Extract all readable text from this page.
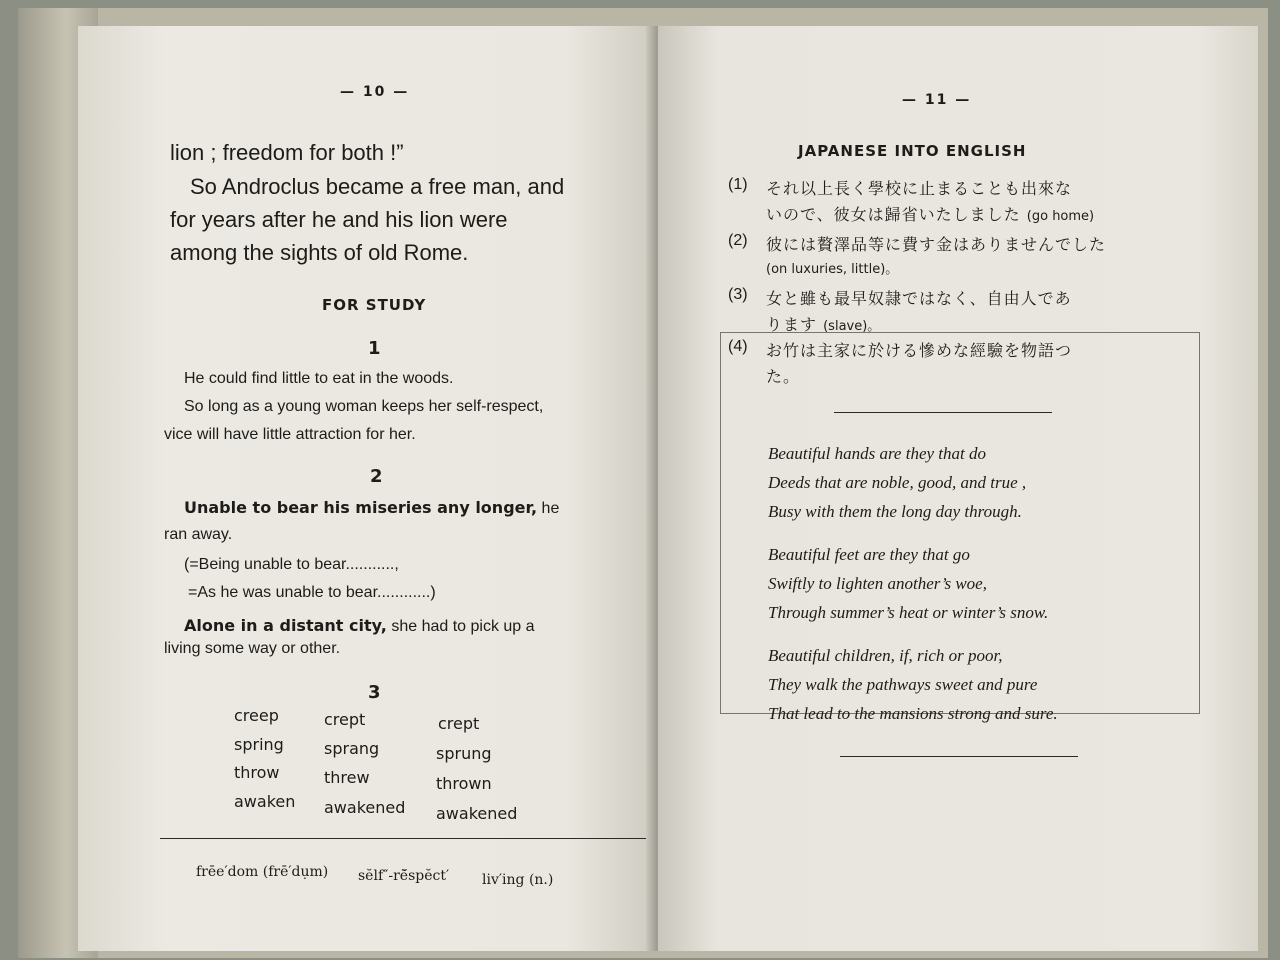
— 10 —

lion ; freedom for both !”

So Androclus became a free man, and

for years after he and his lion were

among the sights of old Rome.

FOR STUDY

1

He could find little to eat in the woods.

So long as a young woman keeps her self-respect,

vice will have little attraction for her.

2

Unable to bear his miseries any longer, he

ran away.

(=Being unable to bear...........,

=As he was unable to bear............)

Alone in a distant city, she had to pick up a

living some way or other.

3

creep

spring

throw

awaken

crept

sprang

threw

awakened

crept

sprung

thrown

awakened

frēe′dom (frē′dụm) sĕlf″-rē̆spĕct′ liv′ing (n.)

— 11 —

JAPANESE INTO ENGLISH

(1) それ以上長く學校に止まることも出來な

いので、彼女は歸省いたしました (go home)

(2) 彼には贅澤品等に費す金はありませんでした

(on luxuries, little)。

(3) 女と雖も最早奴隷ではなく、自由人であ

ります (slave)。

(4) お竹は主家に於ける慘めな經驗を物語つ

た。

Beautiful hands are they that do

Deeds that are noble, good, and true ,

Busy with them the long day through.

Beautiful feet are they that go

Swiftly to lighten another’s woe,

Through summer’s heat or winter’s snow.

Beautiful children, if, rich or poor,

They walk the pathways sweet and pure

That lead to the mansions strong and sure.
